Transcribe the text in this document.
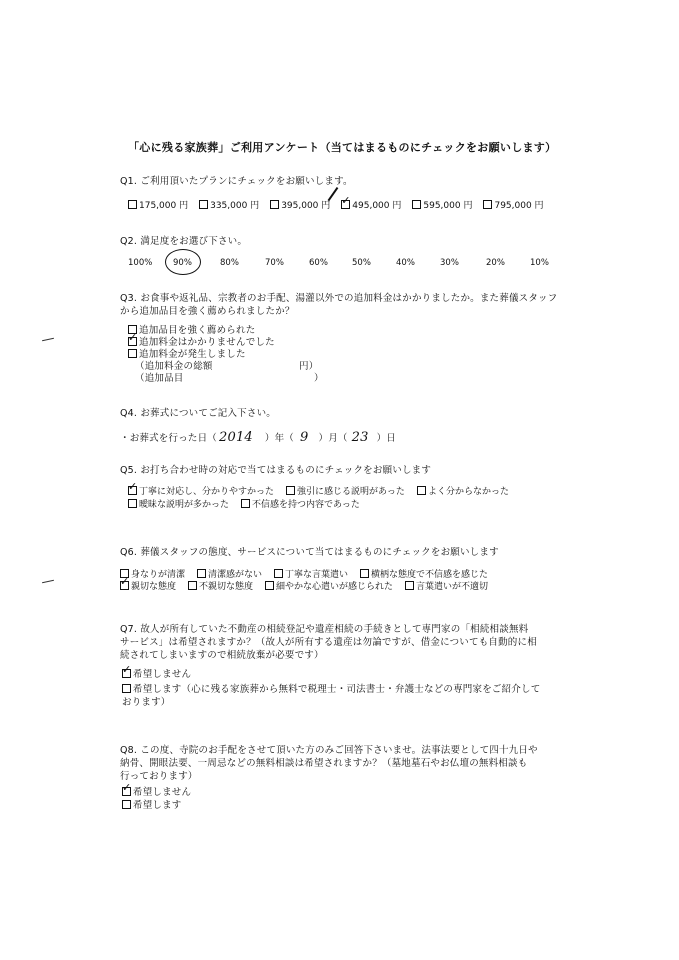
「心に残る家族葬」ご利用アンケート（当てはまるものにチェックをお願いします）
Q1. ご利用頂いたプランにチェックをお願いします。
175,000 円 335,000 円 395,000 円
✓ 495,000 円 595,000 円 795,000 円
Q2. 満足度をお選び下さい。
100%	90%	80%	70%	60%	50%	40%	30%	20%	10%
Q3. お食事や返礼品、宗教者のお手配、湯灌以外での追加料金はかかりましたか。また葬儀スタッフ
から追加品目を強く薦められましたか？
追加品目を強く薦められた
✓
追加料金はかかりませんでした
追加料金が発生しました
（追加料金の総額	円）
（追加品目	）
Q4. お葬式についてご記入下さい。
・お葬式を行った日（ 2014 ）年（ 9 ）月（ 23 ）日
Q5. お打ち合わせ時の対応で当てはまるものにチェックをお願いします
✓
丁寧に対応し、分かりやすかった	強引に感じる説明があった	よく分からなかった
曖昧な説明が多かった	不信感を持つ内容であった
Q6. 葬儀スタッフの態度、サービスについて当てはまるものにチェックをお願いします
身なりが清潔	清潔感がない	丁寧な言葉遣い	横柄な態度で不信感を感じた
✓
親切な態度	不親切な態度	細やかな心遣いが感じられた	言葉遣いが不適切
Q7. 故人が所有していた不動産の相続登記や遺産相続の手続きとして専門家の「相続相談無料
サービス」は希望されますか？（故人が所有する遺産は勿論ですが、借金についても自動的に相
続されてしまいますので相続放棄が必要です）
✓
希望しません
希望します（心に残る家族葬から無料で税理士・司法書士・弁護士などの専門家をご紹介して
おります）
Q8. この度、寺院のお手配をさせて頂いた方のみご回答下さいませ。法事法要として四十九日や
納骨、開眼法要、一周忌などの無料相談は希望されますか？（墓地墓石やお仏壇の無料相談も
行っております）
✓
希望しません
希望します
